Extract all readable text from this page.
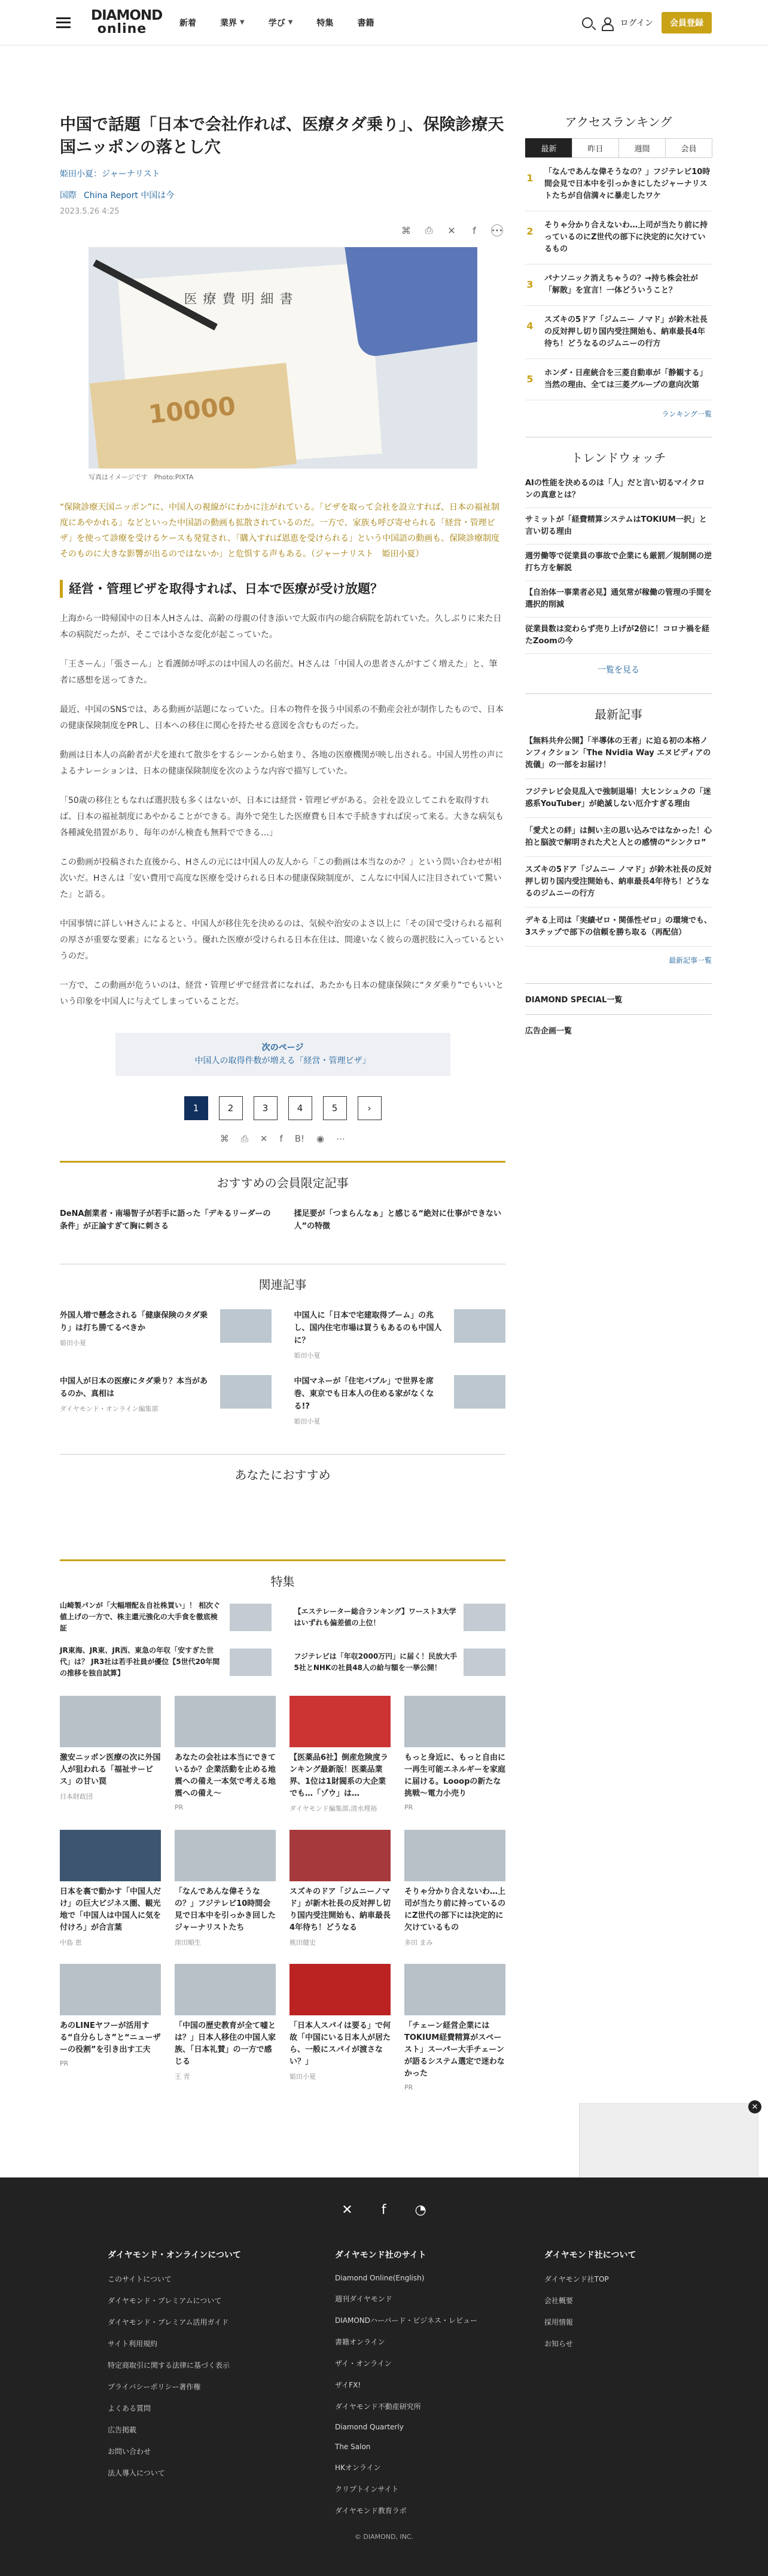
DIAMOND
online	新着	業界 ▼	学び ▼	特集	書籍	ログイン	会員登録
中国で話題「日本で会社作れば、医療タダ乗り」、保険診療天国ニッポンの落とし穴
姫田小夏：ジャーナリスト
国際 China Report 中国は今
2023.5.26 4:25
⌘ ⎙ ✕	f	•••
医療費明細書
10000
写真はイメージです　Photo:PIXTA

“保険診療天国ニッポン”に、中国人の視線がにわかに注がれている。「ビザを取って会社を設立すれば、日本の福祉制度にあやかれる」などといった中国語の動画も拡散されているのだ。一方で、家族も呼び寄せられる「経営・管理ビザ」を使って診療を受けるケースも発覚され、「購入すれば恩恵を受けられる」という中国語の動画も、保険診療制度そのものに大きな影響が出るのではないか」と危惧する声もある。（ジャーナリスト　姫田小夏）

経営・管理ビザを取得すれば、日本で医療が受け放題？

上海から一時帰国中の日本人Hさんは、高齢の母親の付き添いで大阪市内の総合病院を訪れていた。久しぶりに来た日本の病院だったが、そこでは小さな変化が起こっていた。

「王さーん」「張さーん」と看護師が呼ぶのは中国人の名前だ。Hさんは「中国人の患者さんがすごく増えた」と、筆者に感想を送ってきた。

最近、中国のSNSでは、ある動画が話題になっていた。日本の物件を扱う中国系の不動産会社が制作したもので、日本の健康保険制度をPRし、日本への移住に関心を持たせる意図を含むものだった。

動画は日本人の高齢者が犬を連れて散歩をするシーンから始まり、各地の医療機関が映し出される。中国人男性の声によるナレーションは、日本の健康保険制度を次のような内容で描写していた。

「50歳の移住ともなれば選択肢も多くはないが、日本には経営・管理ビザがある。会社を設立してこれを取得すれば、日本の福祉制度にあやかることができる。海外で発生した医療費も日本で手続きすれば戻って来る。大きな病気も各種減免措置があり、毎年のがん検査も無料でできる…」

この動画が投稿された直後から、Hさんの元には中国人の友人から「この動画は本当なのか？」という問い合わせが相次いだ。Hさんは「安い費用で高度な医療を受けられる日本の健康保険制度が、こんなに中国人に注目されていて驚いた」と語る。

中国事情に詳しいHさんによると、中国人が移住先を決めるのは、気候や治安のよさ以上に「その国で受けられる福利の厚さが重要な要素」になるという。優れた医療が受けられる日本在住は、間違いなく彼らの選択肢に入っているというのだ。

一方で、この動画が危ういのは、経営・管理ビザで経営者になれば、あたかも日本の健康保険に“タダ乗り”でもいいという印象を中国人に与えてしまっていることだ。

次のページ
中国人の取得件数が増える「経営・管理ビザ」
1	2	3	4	5	›
⌘ ⎙ ✕ f B! ◉ ⋯
おすすめの会員限定記事
DeNA創業者・南場智子が若手に語った「デキるリーダーの条件」が正論すぎて胸に刺さる
揉足要が「つまらんなぁ」と感じる“絶対に仕事ができない人”の特徴
関連記事
外国人増で懸念される「健康保険のタダ乗り」は打ち勝てるべきか
姫田小夏
中国人に「日本で宅建取得ブーム」の兆し、国内住宅市場は買うもあるのも中国人に？
姫田小夏
中国人が日本の医療にタダ乗り？本当があるのか、真相は
ダイヤモンド・オンライン編集部
中国マネーが「住宅バブル」で世界を席巻、東京でも日本人の住める家がなくなる!?
姫田小夏
あなたにおすすめ
特集
山崎製パンが「大幅増配＆自社株買い」！ 相次ぐ値上げの一方で、株主還元強化の大手食を徹底検証
【エステレーター総合ランキング】ワースト3大学はいずれも偏差値の上位！
JR東海、JR東、JR西、東急の年収「安すぎた世代」は？ JR3社は若手社員が優位【5世代20年間の推移を独自試算】
フジテレビは「年収2000万円」に届く！民放大手5社とNHKの社員48人の給与額を一挙公開！
激安ニッポン医療の次に外国人が狙われる「福祉サービス」の甘い罠
日本財政団
あなたの会社は本当にできているか？企業活動を止める地震への備え一本気で考える地震への備え～
PR
【医薬品6社】倒産危険度ランキング最新版！医薬品業界、1位は1財閥系の大企業でも…「ゾウ」は…
ダイヤモンド編集部,清水理裕
もっと身近に、もっと自由に一再生可能エネルギーを家庭に届ける。Looopの新たな挑戦～電力小売り
PR
日本を裏で動かす「中国人だけ」の巨大ビジネス圏、観光地で「中国人は中国人に気を付けろ」が合言葉
中島 恵
「なんであんな偉そうなの？」フジテレビ10時間会見で日本中を引っかき回したジャーナリストたち
窪田順生
スズキのドア「ジムニーノマド」が新木社長の反対押し切り国内受注開始も、納車最長4年待ち！どうなる
桃田健史
そりゃ分かり合えないわ…上司が当たり前に持っているのにZ世代の部下には決定的に欠けているもの
多田 まみ
あのLINEヤフーが活用する“自分らしさ”と“ニューザーの役割”を引き出す工夫
PR
「中国の歴史教育が全て嘘とは？」日本人移住の中国人家族、「日本礼賛」の一方で感じる
王 青
「日本人スパイは要る」で何故「中国にいる日本人が居たら、一般にスパイが渡さない？」
姫田小夏
「チェーン経営企業にはTOKIUM経費精算がスペースト」スーパー大手チェーンが語るシステム選定で迷わなかった
PR
アクセスランキング
最新	昨日	週間	会員
1
「なんであんな偉そうなの？」フジテレビ10時間会見で日本中を引っかきにしたジャーナリストたちが自信満々に暴走したワケ
2
そりゃ分かり合えないわ…上司が当たり前に持っているのにZ世代の部下に決定的に欠けているもの
3
パナソニック消えちゃうの？→持ち株会社が「解散」を宣言！一体どういうこと？
4
スズキの5ドア「ジムニー ノマド」が鈴木社長の反対押し切り国内受注開始も、納車最長4年待ち！どうなるのジムニーの行方
5
ホンダ・日産統合を三菱自動車が「静観する」当然の理由、全ては三菱グループの意向次第
ランキング一覧
トレンドウォッチ
AIの性能を決めるのは「人」だと言い切るマイクロンの真意とは？
サミットが「経費精算システムはTOKIUM一択」と言い切る理由
週労働等で従業員の事故で企業にも厳罰／規制開の逆打ち方を解説
【自治体一事業者必見】通気常が稼働の管理の手間を選択的削減
従業員数は変わらず売り上げが2倍に！コロナ禍を経たZoomの今
一覧を見る
最新記事
【無料共弁公開】「半導体の王者」に迫る初の本格ノンフィクション「The Nvidia Way エヌビディアの流儀」の一部をお届け！
フジテレビ会見乱入で強制退場！大ヒンシュクの「迷惑系YouTuber」が絶滅しない厄介すぎる理由
「愛犬との絆」は飼い主の思い込みではなかった！心拍と脳波で解明された犬と人との感情の“シンクロ”
スズキの5ドア「ジムニー ノマド」が鈴木社長の反対押し切り国内受注開始も、納車最長4年待ち！どうなるのジムニーの行方
デキる上司は「実績ゼロ・関係性ゼロ」の環境でも、3ステップで部下の信頼を勝ち取る（再配信）
最新記事一覧
DIAMOND SPECIAL一覧
広告企画一覧
✕
✕ f ◔
ダイヤモンド・オンラインについて
このサイトについて
ダイヤモンド・プレミアムについて
ダイヤモンド・プレミアム活用ガイド
サイト利用規約
特定商取引に関する法律に基づく表示
プライバシーポリシー著作権
よくある質問
広告掲載
お問い合わせ
法人導入について
ダイヤモンド社のサイト
Diamond Online(English)
週刊ダイヤモンド
DIAMONDハーバード・ビジネス・レビュー
書籍オンライン
ザイ・オンライン
ザイFX!
ダイヤモンド不動産研究所
Diamond Quarterly
The Salon
HKオンライン
クリプトインサイト
ダイヤモンド教育ラボ
ダイヤモンド社について
ダイヤモンド社TOP
会社概要
採用情報
お知らせ
© DIAMOND, INC.
